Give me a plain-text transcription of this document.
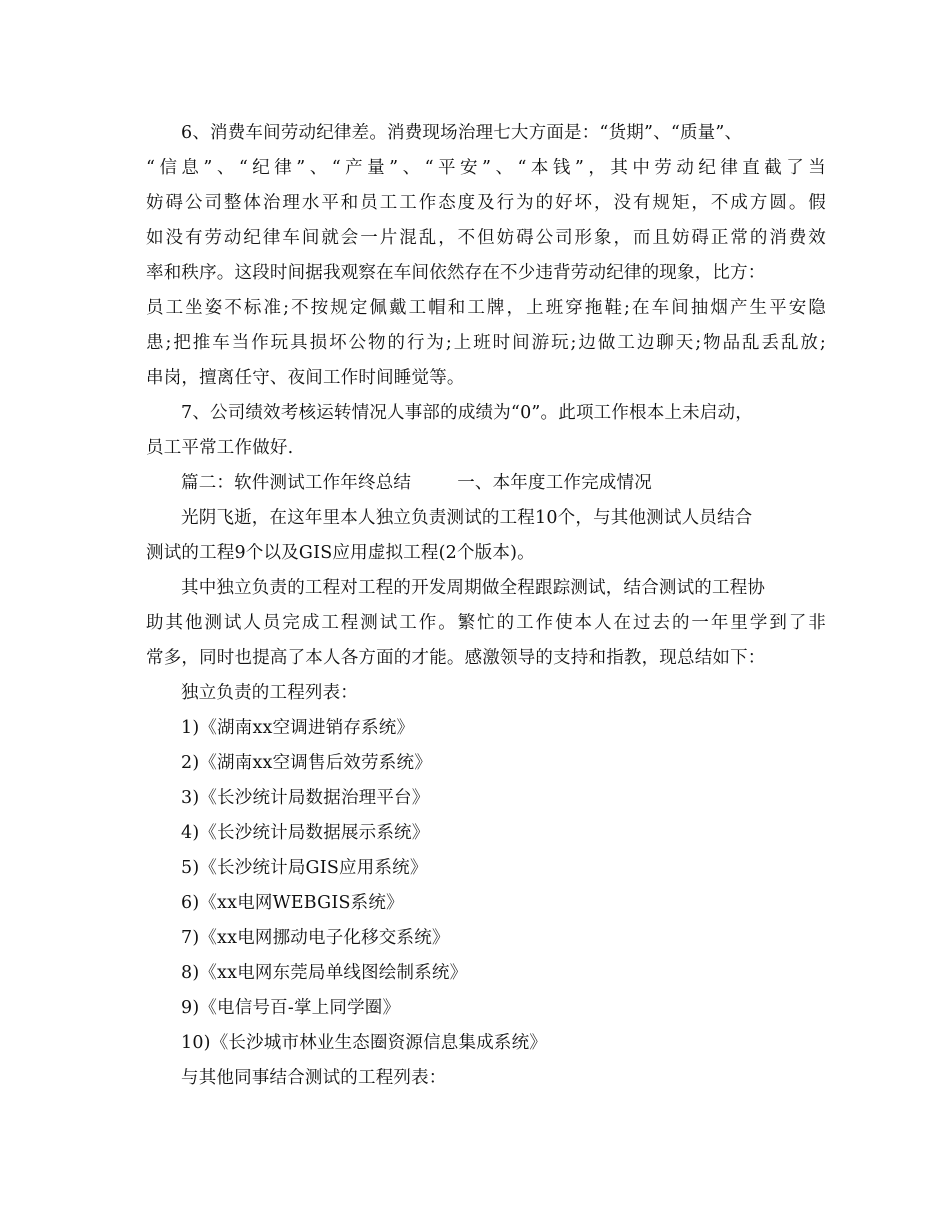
6、消费车间劳动纪律差。消费现场治理七大方面是：“货期”、“质量”、
“信息”、“纪律”、“产量”、“平安”、“本钱”，其中劳动纪律直截了当
妨碍公司整体治理水平和员工工作态度及行为的好坏，没有规矩，不成方圆。假
如没有劳动纪律车间就会一片混乱，不但妨碍公司形象，而且妨碍正常的消费效
率和秩序。这段时间据我观察在车间依然存在不少违背劳动纪律的现象，比方：
员工坐姿不标准;不按规定佩戴工帽和工牌，上班穿拖鞋;在车间抽烟产生平安隐
患;把推车当作玩具损坏公物的行为;上班时间游玩;边做工边聊天;物品乱丢乱放;
串岗，擅离任守、夜间工作时间睡觉等。
7、公司绩效考核运转情况人事部的成绩为“0”。此项工作根本上未启动，
员工平常工作做好.
篇二：软件测试工作年终总结        一、本年度工作完成情况
光阴飞逝，在这年里本人独立负责测试的工程10个，与其他测试人员结合
测试的工程9个以及GIS应用虚拟工程(2个版本)。
其中独立负责的工程对工程的开发周期做全程跟踪测试，结合测试的工程协
助其他测试人员完成工程测试工作。繁忙的工作使本人在过去的一年里学到了非
常多，同时也提高了本人各方面的才能。感激领导的支持和指教，现总结如下：
独立负责的工程列表：
1)《湖南xx空调进销存系统》
2)《湖南xx空调售后效劳系统》
3)《长沙统计局数据治理平台》
4)《长沙统计局数据展示系统》
5)《长沙统计局GIS应用系统》
6)《xx电网WEBGIS系统》
7)《xx电网挪动电子化移交系统》
8)《xx电网东莞局单线图绘制系统》
9)《电信号百-掌上同学圈》
10)《长沙城市林业生态圈资源信息集成系统》
与其他同事结合测试的工程列表：
